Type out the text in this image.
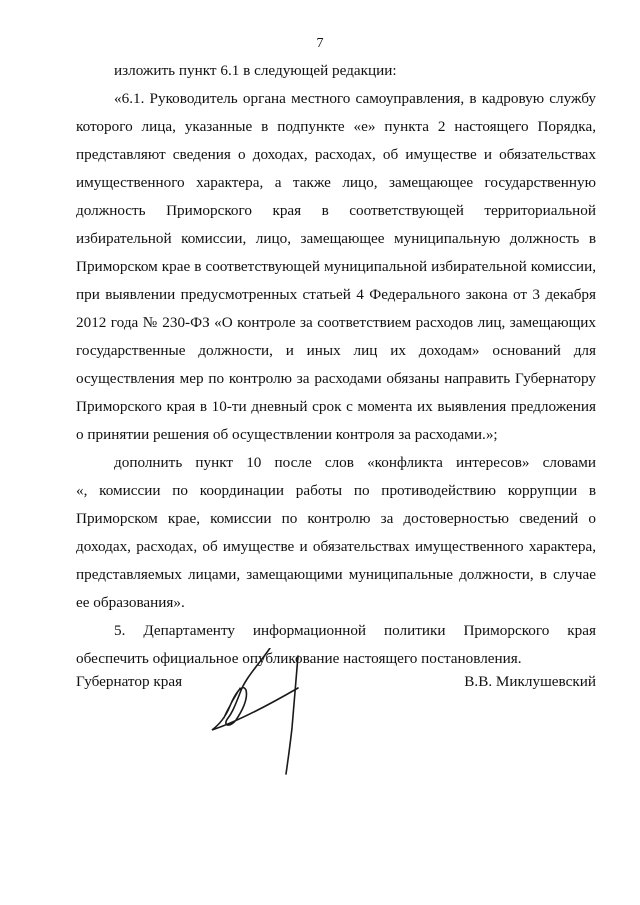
7
изложить пункт 6.1 в следующей редакции:
«6.1. Руководитель органа местного самоуправления, в кадровую службу
которого лица, указанные в подпункте «е» пункта 2 настоящего Порядка,
представляют сведения о доходах, расходах, об имуществе и обязательствах
имущественного характера, а также лицо, замещающее государственную
должность Приморского края в соответствующей территориальной
избирательной комиссии, лицо, замещающее муниципальную должность в
Приморском крае в соответствующей муниципальной избирательной комиссии,
при выявлении предусмотренных статьей 4 Федерального закона от 3 декабря
2012 года № 230-ФЗ «О контроле за соответствием расходов лиц, замещающих
государственные должности, и иных лиц их доходам» оснований для
осуществления мер по контролю за расходами обязаны направить Губернатору
Приморского края в 10-ти дневный срок с момента их выявления предложения
о принятии решения об осуществлении контроля за расходами.»;
дополнить пункт 10 после слов «конфликта интересов» словами
«, комиссии по координации работы по противодействию коррупции в
Приморском крае, комиссии по контролю за достоверностью сведений о
доходах, расходах, об имуществе и обязательствах имущественного характера,
представляемых лицами, замещающими муниципальные должности, в случае
ее образования».
5. Департаменту информационной политики Приморского края
обеспечить официальное опубликование настоящего постановления.
Губернатор края	В.В. Миклушевский
